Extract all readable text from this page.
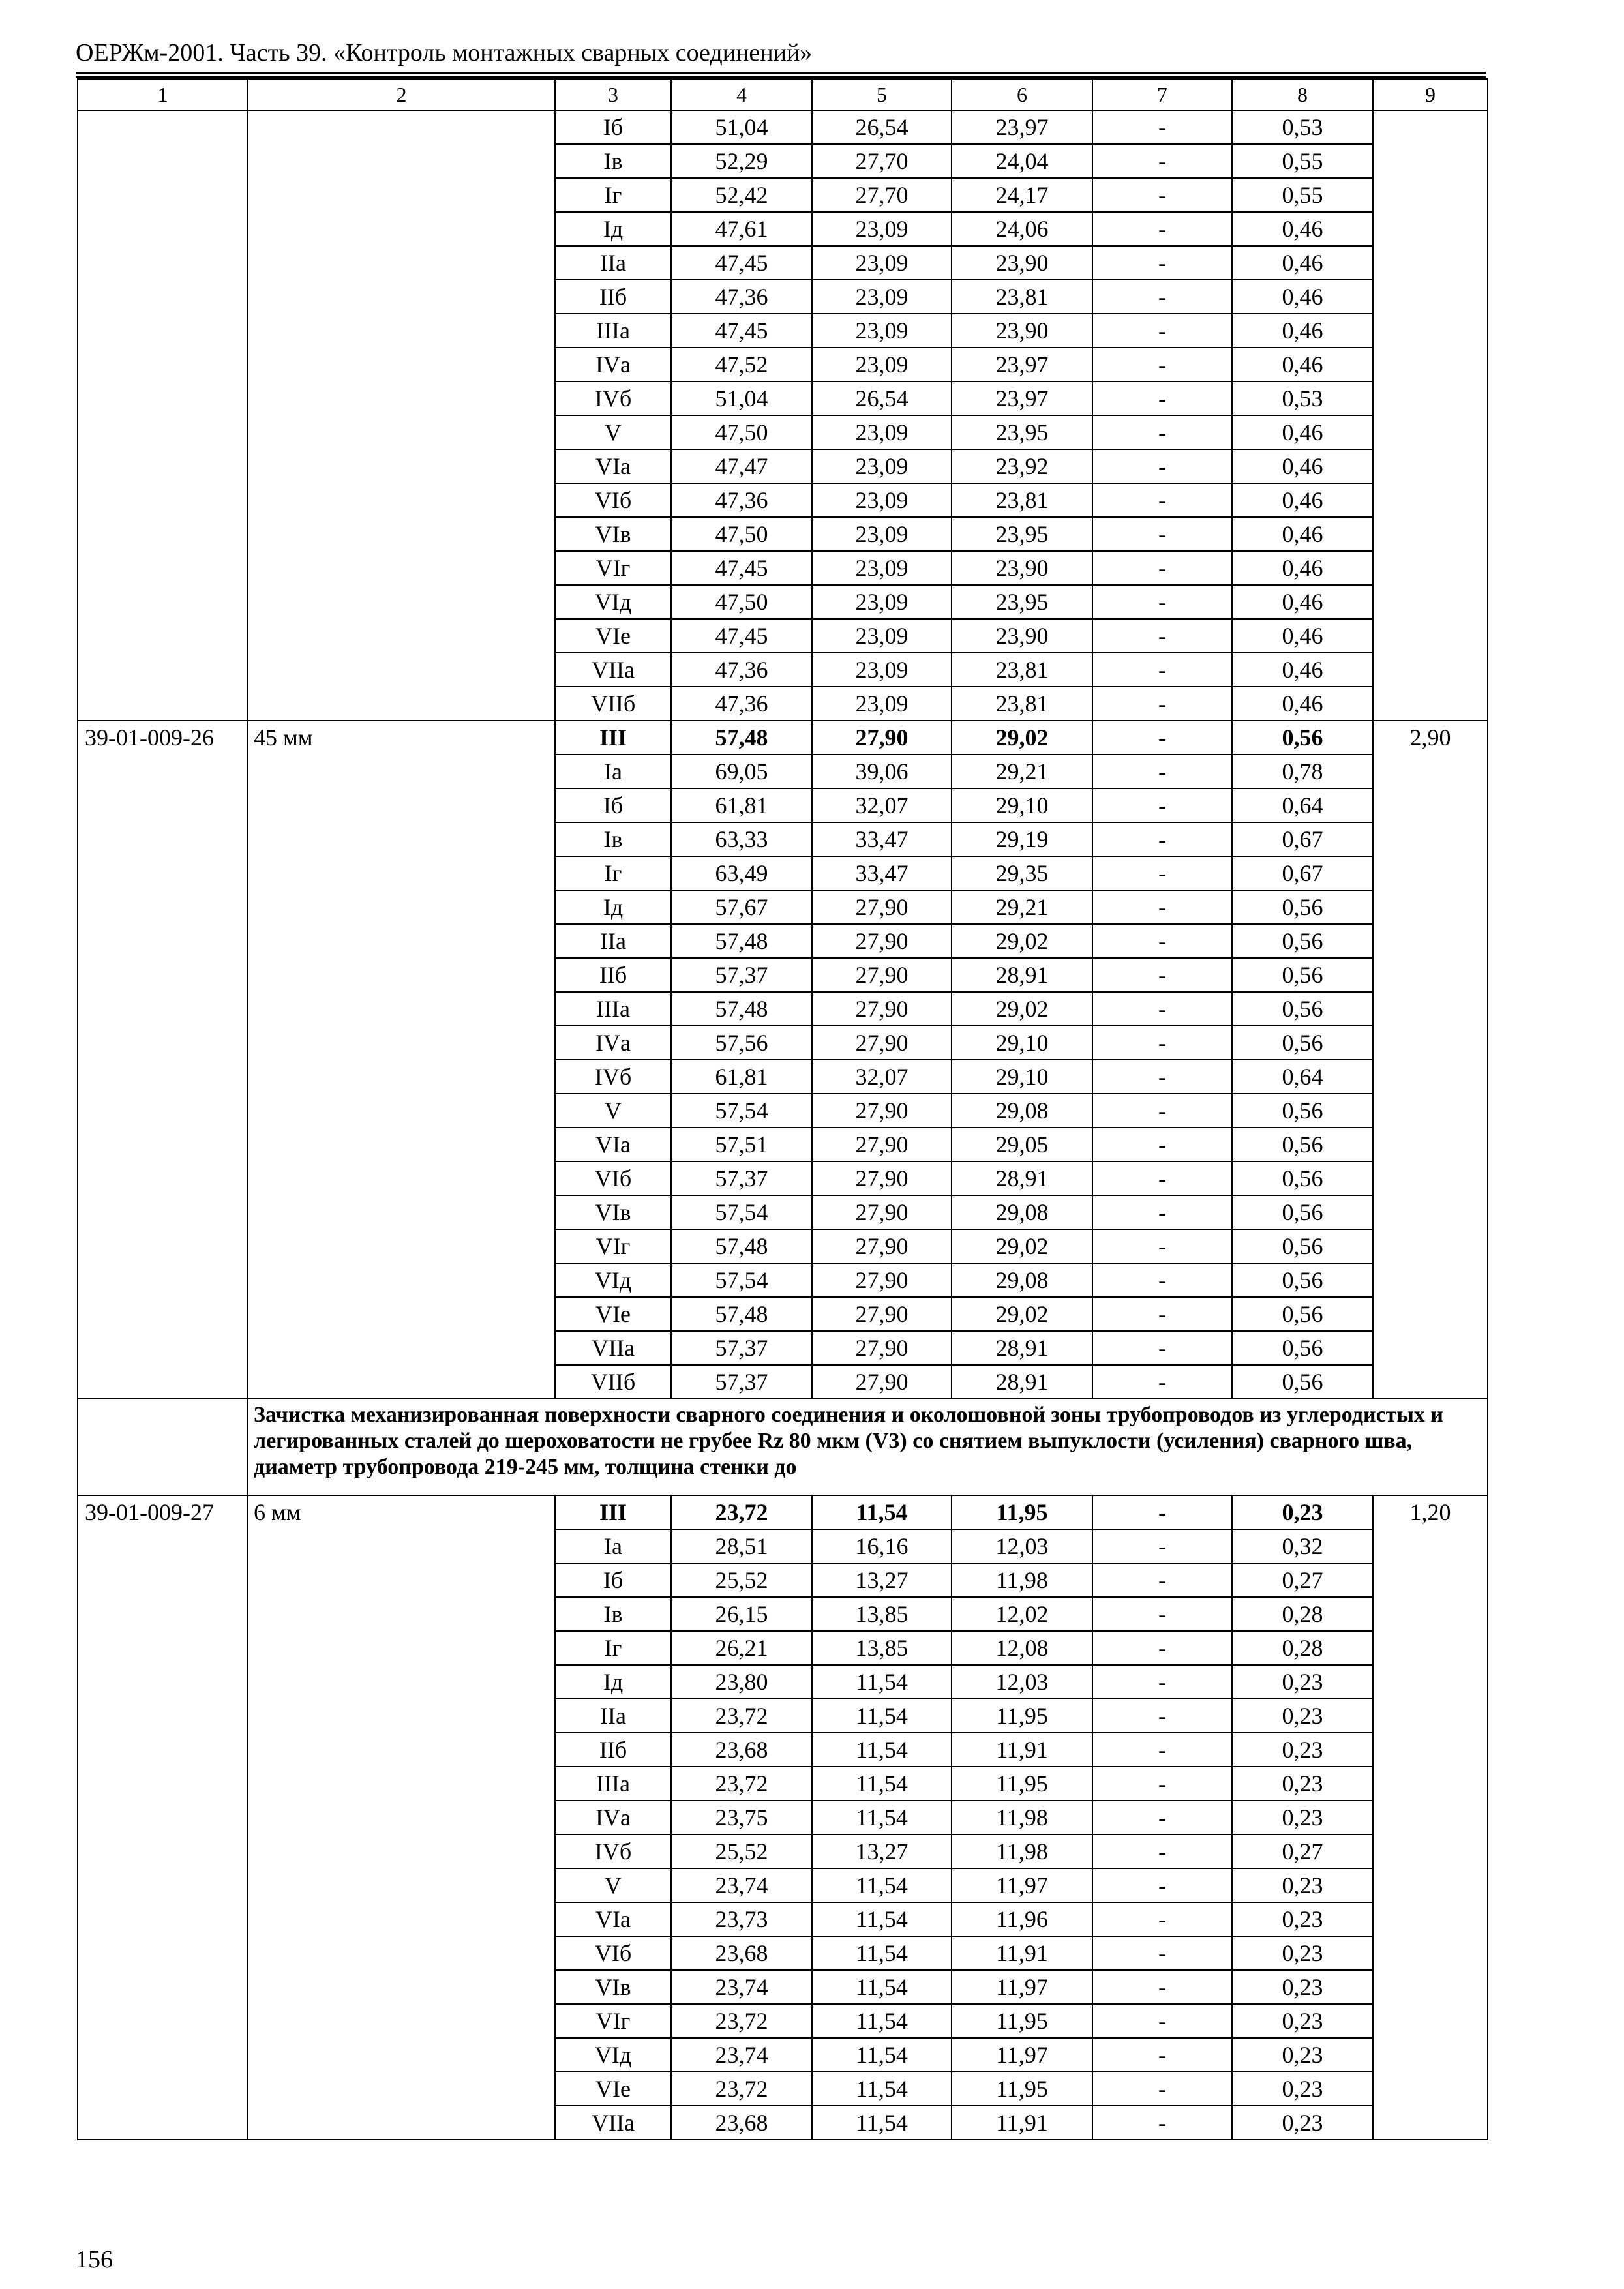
ОЕРЖм-2001. Часть 39. «Контроль монтажных сварных соединений»
1	2	3	4	5	6	7	8	9
		Iб	51,04	26,54	23,97	-	0,53	
		Iв	52,29	27,70	24,04	-	0,55	
		Iг	52,42	27,70	24,17	-	0,55	
		Iд	47,61	23,09	24,06	-	0,46	
		IIа	47,45	23,09	23,90	-	0,46	
		IIб	47,36	23,09	23,81	-	0,46	
		IIIа	47,45	23,09	23,90	-	0,46	
		IVа	47,52	23,09	23,97	-	0,46	
		IVб	51,04	26,54	23,97	-	0,53	
		V	47,50	23,09	23,95	-	0,46	
		VIа	47,47	23,09	23,92	-	0,46	
		VIб	47,36	23,09	23,81	-	0,46	
		VIв	47,50	23,09	23,95	-	0,46	
		VIг	47,45	23,09	23,90	-	0,46	
		VIд	47,50	23,09	23,95	-	0,46	
		VIе	47,45	23,09	23,90	-	0,46	
		VIIа	47,36	23,09	23,81	-	0,46	
		VIIб	47,36	23,09	23,81	-	0,46	
39-01-009-26	45 мм	III	57,48	27,90	29,02	-	0,56	2,90
		Iа	69,05	39,06	29,21	-	0,78	
		Iб	61,81	32,07	29,10	-	0,64	
		Iв	63,33	33,47	29,19	-	0,67	
		Iг	63,49	33,47	29,35	-	0,67	
		Iд	57,67	27,90	29,21	-	0,56	
		IIа	57,48	27,90	29,02	-	0,56	
		IIб	57,37	27,90	28,91	-	0,56	
		IIIа	57,48	27,90	29,02	-	0,56	
		IVа	57,56	27,90	29,10	-	0,56	
		IVб	61,81	32,07	29,10	-	0,64	
		V	57,54	27,90	29,08	-	0,56	
		VIа	57,51	27,90	29,05	-	0,56	
		VIб	57,37	27,90	28,91	-	0,56	
		VIв	57,54	27,90	29,08	-	0,56	
		VIг	57,48	27,90	29,02	-	0,56	
		VIд	57,54	27,90	29,08	-	0,56	
		VIе	57,48	27,90	29,02	-	0,56	
		VIIа	57,37	27,90	28,91	-	0,56	
		VIIб	57,37	27,90	28,91	-	0,56	
	Зачистка механизированная поверхности сварного соединения и околошовной зоны трубопроводов из углеродистых и легированных сталей до шероховатости не грубее Rz 80 мкм (V3) со снятием выпуклости (усиления) сварного шва, диаметр трубопровода 219-245 мм, толщина стенки до							
39-01-009-27	6 мм	III	23,72	11,54	11,95	-	0,23	1,20
		Iа	28,51	16,16	12,03	-	0,32	
		Iб	25,52	13,27	11,98	-	0,27	
		Iв	26,15	13,85	12,02	-	0,28	
		Iг	26,21	13,85	12,08	-	0,28	
		Iд	23,80	11,54	12,03	-	0,23	
		IIа	23,72	11,54	11,95	-	0,23	
		IIб	23,68	11,54	11,91	-	0,23	
		IIIа	23,72	11,54	11,95	-	0,23	
		IVа	23,75	11,54	11,98	-	0,23	
		IVб	25,52	13,27	11,98	-	0,27	
		V	23,74	11,54	11,97	-	0,23	
		VIа	23,73	11,54	11,96	-	0,23	
		VIб	23,68	11,54	11,91	-	0,23	
		VIв	23,74	11,54	11,97	-	0,23	
		VIг	23,72	11,54	11,95	-	0,23	
		VIд	23,74	11,54	11,97	-	0,23	
		VIе	23,72	11,54	11,95	-	0,23	
		VIIа	23,68	11,54	11,91	-	0,23	
156
